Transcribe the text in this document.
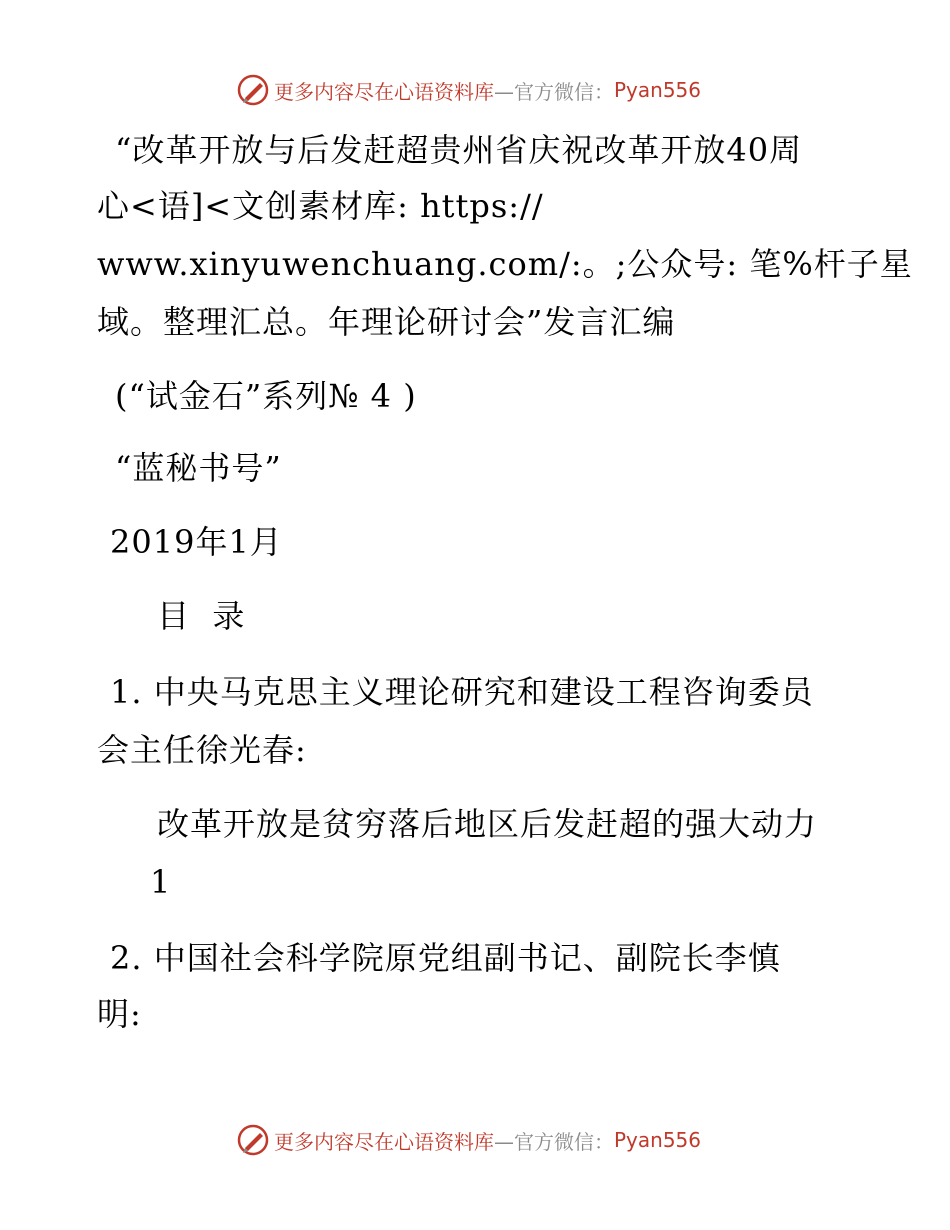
更多内容尽在心语资料库 —官方微信： Pyan556
“改革开放与后发赶超贵州省庆祝改革开放40周
心<语]<文创素材库: https://
www.xinyuwenchuang.com/:。;公众号: 笔%杆子星
域。整理汇总。年理论研讨会”发言汇编
(“试金石”系列№ 4 )
“蓝秘书号”
2019年1月
目  录
1. 中央马克思主义理论研究和建设工程咨询委员
会主任徐光春:
改革开放是贫穷落后地区后发赶超的强大动力
1
2. 中国社会科学院原党组副书记、副院长李慎
明:
更多内容尽在心语资料库 —官方微信： Pyan556
